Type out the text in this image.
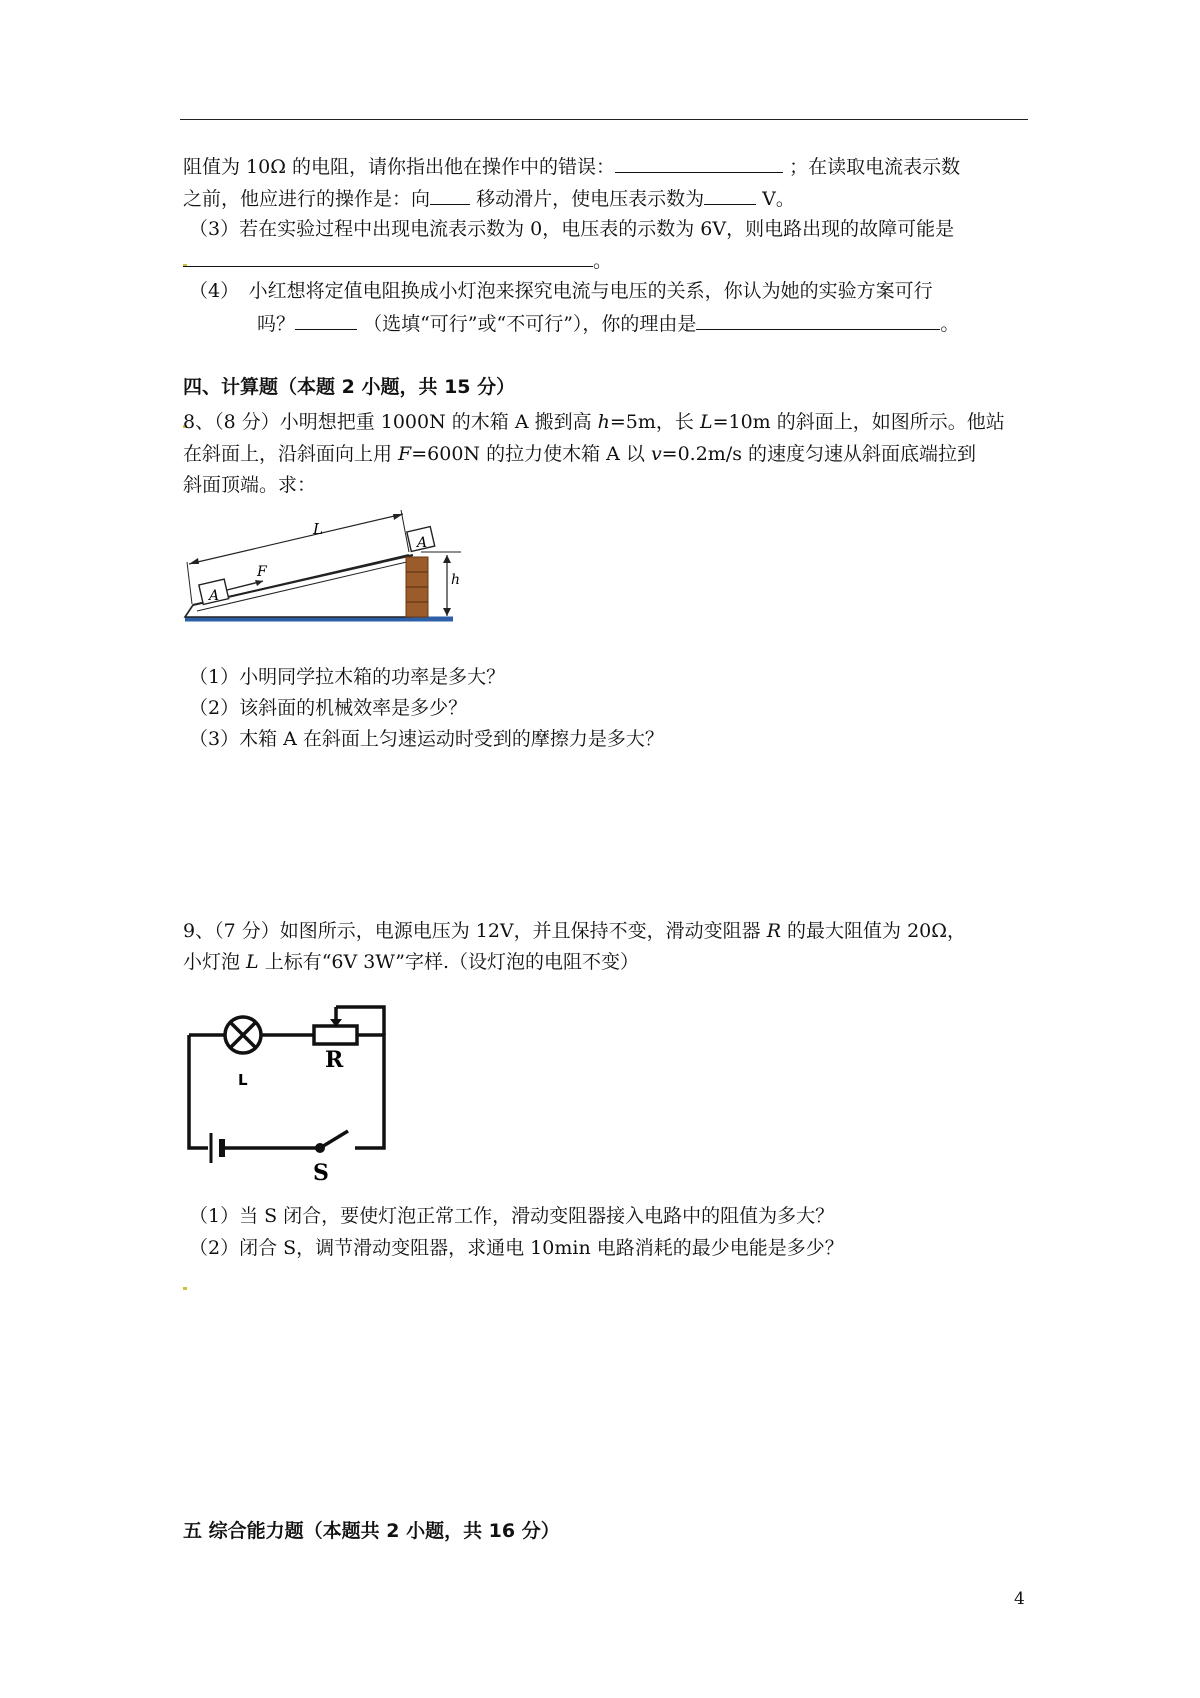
阻值为 10Ω 的电阻，请你指出他在操作中的错误：	；在读取电流表示数
之前，他应进行的操作是：向 移动滑片，使电压表示数为	V。
（3）若在实验过程中出现电流表示数为 0，电压表的示数为 6V，则电路出现的故障可能是
。
（4）　小红想将定值电阻换成小灯泡来探究电流与电压的关系，你认为她的实验方案可行
吗？	（选填“可行”或“不可行”），你的理由是	。
四、计算题（本题 2 小题，共 15 分）
8、（8 分）小明想把重 1000N 的木箱 A 搬到高 h=5m，长 L=10m 的斜面上，如图所示。他站
在斜面上，沿斜面向上用 F=600N 的拉力使木箱 A 以 v=0.2m/s 的速度匀速从斜面底端拉到
斜面顶端。求：
A
A
F
L
h
（1）小明同学拉木箱的功率是多大？
（2）该斜面的机械效率是多少？
（3）木箱 A 在斜面上匀速运动时受到的摩擦力是多大？
9、（7 分）如图所示，电源电压为 12V，并且保持不变，滑动变阻器 R 的最大阻值为 20Ω，
小灯泡 L 上标有“6V 3W”字样.（设灯泡的电阻不变）
L
R
S
（1）当 S 闭合，要使灯泡正常工作，滑动变阻器接入电路中的阻值为多大？
（2）闭合 S，调节滑动变阻器，求通电 10min 电路消耗的最少电能是多少？
五 综合能力题（本题共 2 小题，共 16 分）
4
